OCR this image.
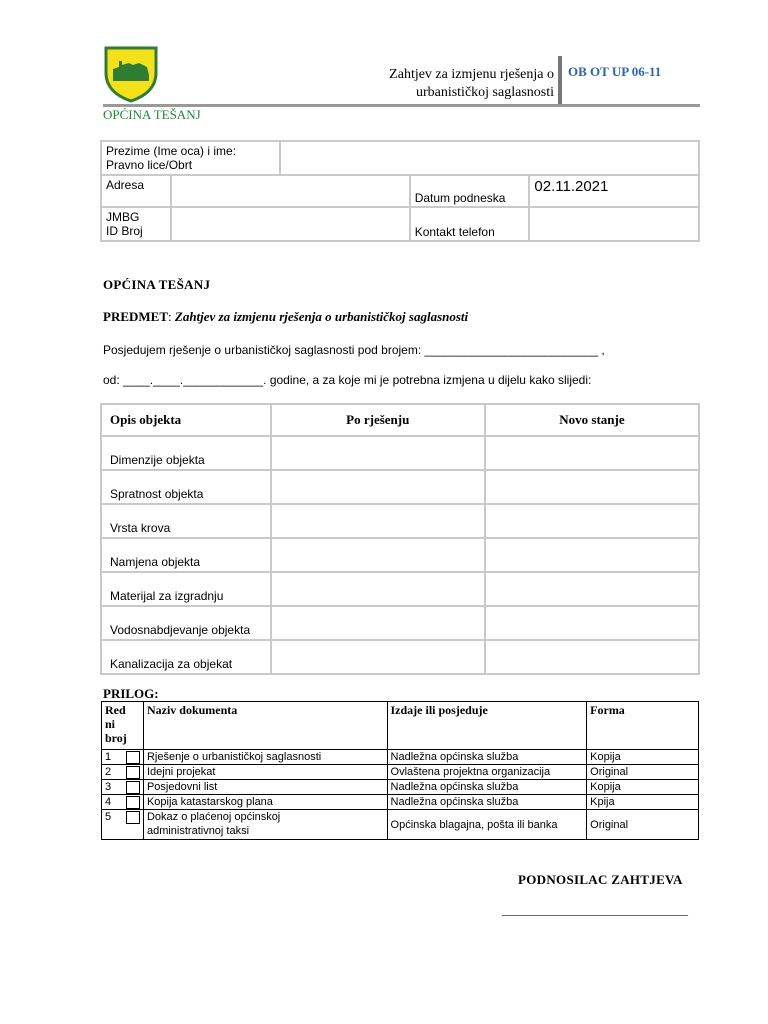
Zahtjev za izmjenu rješenja o
urbanističkoj saglasnosti
OB OT UP 06-11
OPĆINA TEŠANJ
Prezime (Ime oca) i ime:
Pravno lice/Obrt				

Adresa			Datum podneska	02.11.2021

JMBG
ID Broj			Kontakt telefon	
OPĆINA TEŠANJ
PREDMET: Zahtjev za izmjenu rješenja o urbanističkoj saglasnosti
Posjedujem rješenje o urbanističkoj saglasnosti pod brojem: __________________________ ,
od: ____.____.____________. godine, a za koje mi je potrebna izmjena u dijelu kako slijedi:
Opis objekta	Po rješenju	Novo stanje
Dimenzije objekta		
Spratnost objekta		
Vrsta krova		
Namjena objekta		
Materijal za izgradnju		
Vodosnabdjevanje objekta		
Kanalizacija za objekat		
PRILOG:
Red
ni
broj	Naziv dokumenta	Izdaje ili posjeduje	Forma
1	Rješenje o urbanističkoj saglasnosti	Nadležna općinska služba	Kopija
2	Idejni projekat	Ovlaštena projektna organizacija	Original
3	Posjedovni list	Nadležna općinska služba	Kopija
4	Kopija katastarskog plana	Nadležna općinska služba	Kpija
5	Dokaz o plaćenoj općinskoj
administrativnoj taksi	Općinska blagajna, pošta ili banka	Original
PODNOSILAC ZAHTJEVA
_______________________________
